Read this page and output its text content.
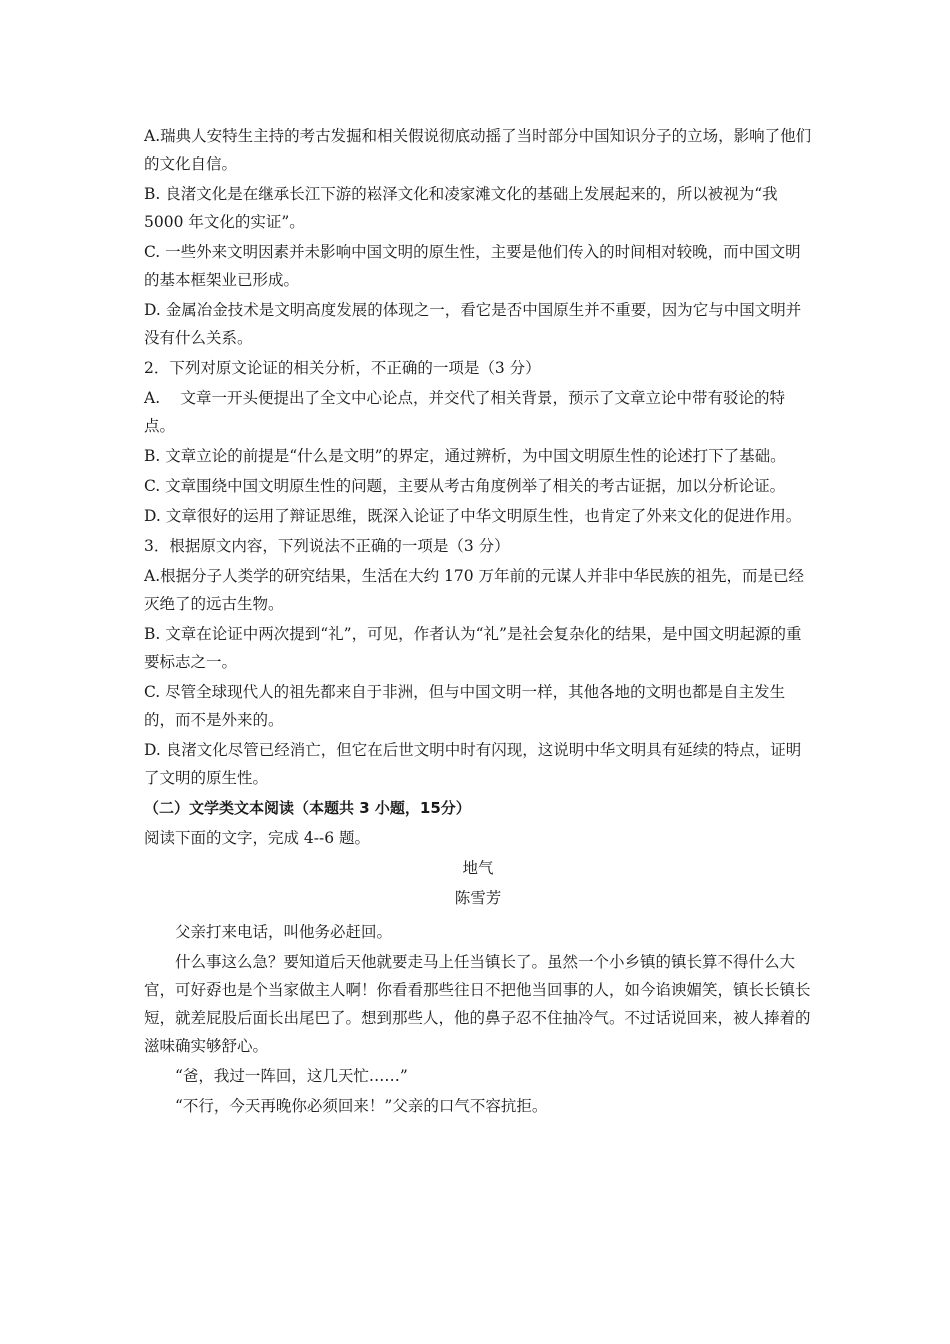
A.瑞典人安特生主持的考古发掘和相关假说彻底动摇了当时部分中国知识分子的立场，影响了他们的文化自信。

B. 良渚文化是在继承长江下游的崧泽文化和凌家滩文化的基础上发展起来的，所以被视为“我 5000 年文化的实证”。

C. 一些外来文明因素并未影响中国文明的原生性，主要是他们传入的时间相对较晚，而中国文明的基本框架业已形成。

D. 金属冶金技术是文明高度发展的体现之一，看它是否中国原生并不重要，因为它与中国文明并没有什么关系。

2．下列对原文论证的相关分析，不正确的一项是（3 分）

A.　 文章一开头便提出了全文中心论点，并交代了相关背景，预示了文章立论中带有驳论的特点。

B. 文章立论的前提是“什么是文明”的界定，通过辨析，为中国文明原生性的论述打下了基础。

C. 文章围绕中国文明原生性的问题，主要从考古角度例举了相关的考古证据，加以分析论证。

D. 文章很好的运用了辩证思维，既深入论证了中华文明原生性，也肯定了外来文化的促进作用。

3．根据原文内容，下列说法不正确的一项是（3 分）

A.根据分子人类学的研究结果，生活在大约 170 万年前的元谋人并非中华民族的祖先，而是已经灭绝了的远古生物。

B. 文章在论证中两次提到“礼”，可见，作者认为“礼”是社会复杂化的结果，是中国文明起源的重要标志之一。

C. 尽管全球现代人的祖先都来自于非洲，但与中国文明一样，其他各地的文明也都是自主发生的，而不是外来的。

D. 良渚文化尽管已经消亡，但它在后世文明中时有闪现，这说明中华文明具有延续的特点，证明了文明的原生性。

（二）文学类文本阅读（本题共 3 小题，15分）

阅读下面的文字，完成 4--6 题。

地气

陈雪芳

父亲打来电话，叫他务必赶回。

什么事这么急？要知道后天他就要走马上任当镇长了。虽然一个小乡镇的镇长算不得什么大官，可好孬也是个当家做主人啊！你看看那些往日不把他当回事的人，如今谄谀媚笑，镇长长镇长短，就差屁股后面长出尾巴了。想到那些人，他的鼻子忍不住抽冷气。不过话说回来，被人捧着的滋味确实够舒心。

“爸，我过一阵回，这几天忙……”

“不行，今天再晚你必须回来！”父亲的口气不容抗拒。
